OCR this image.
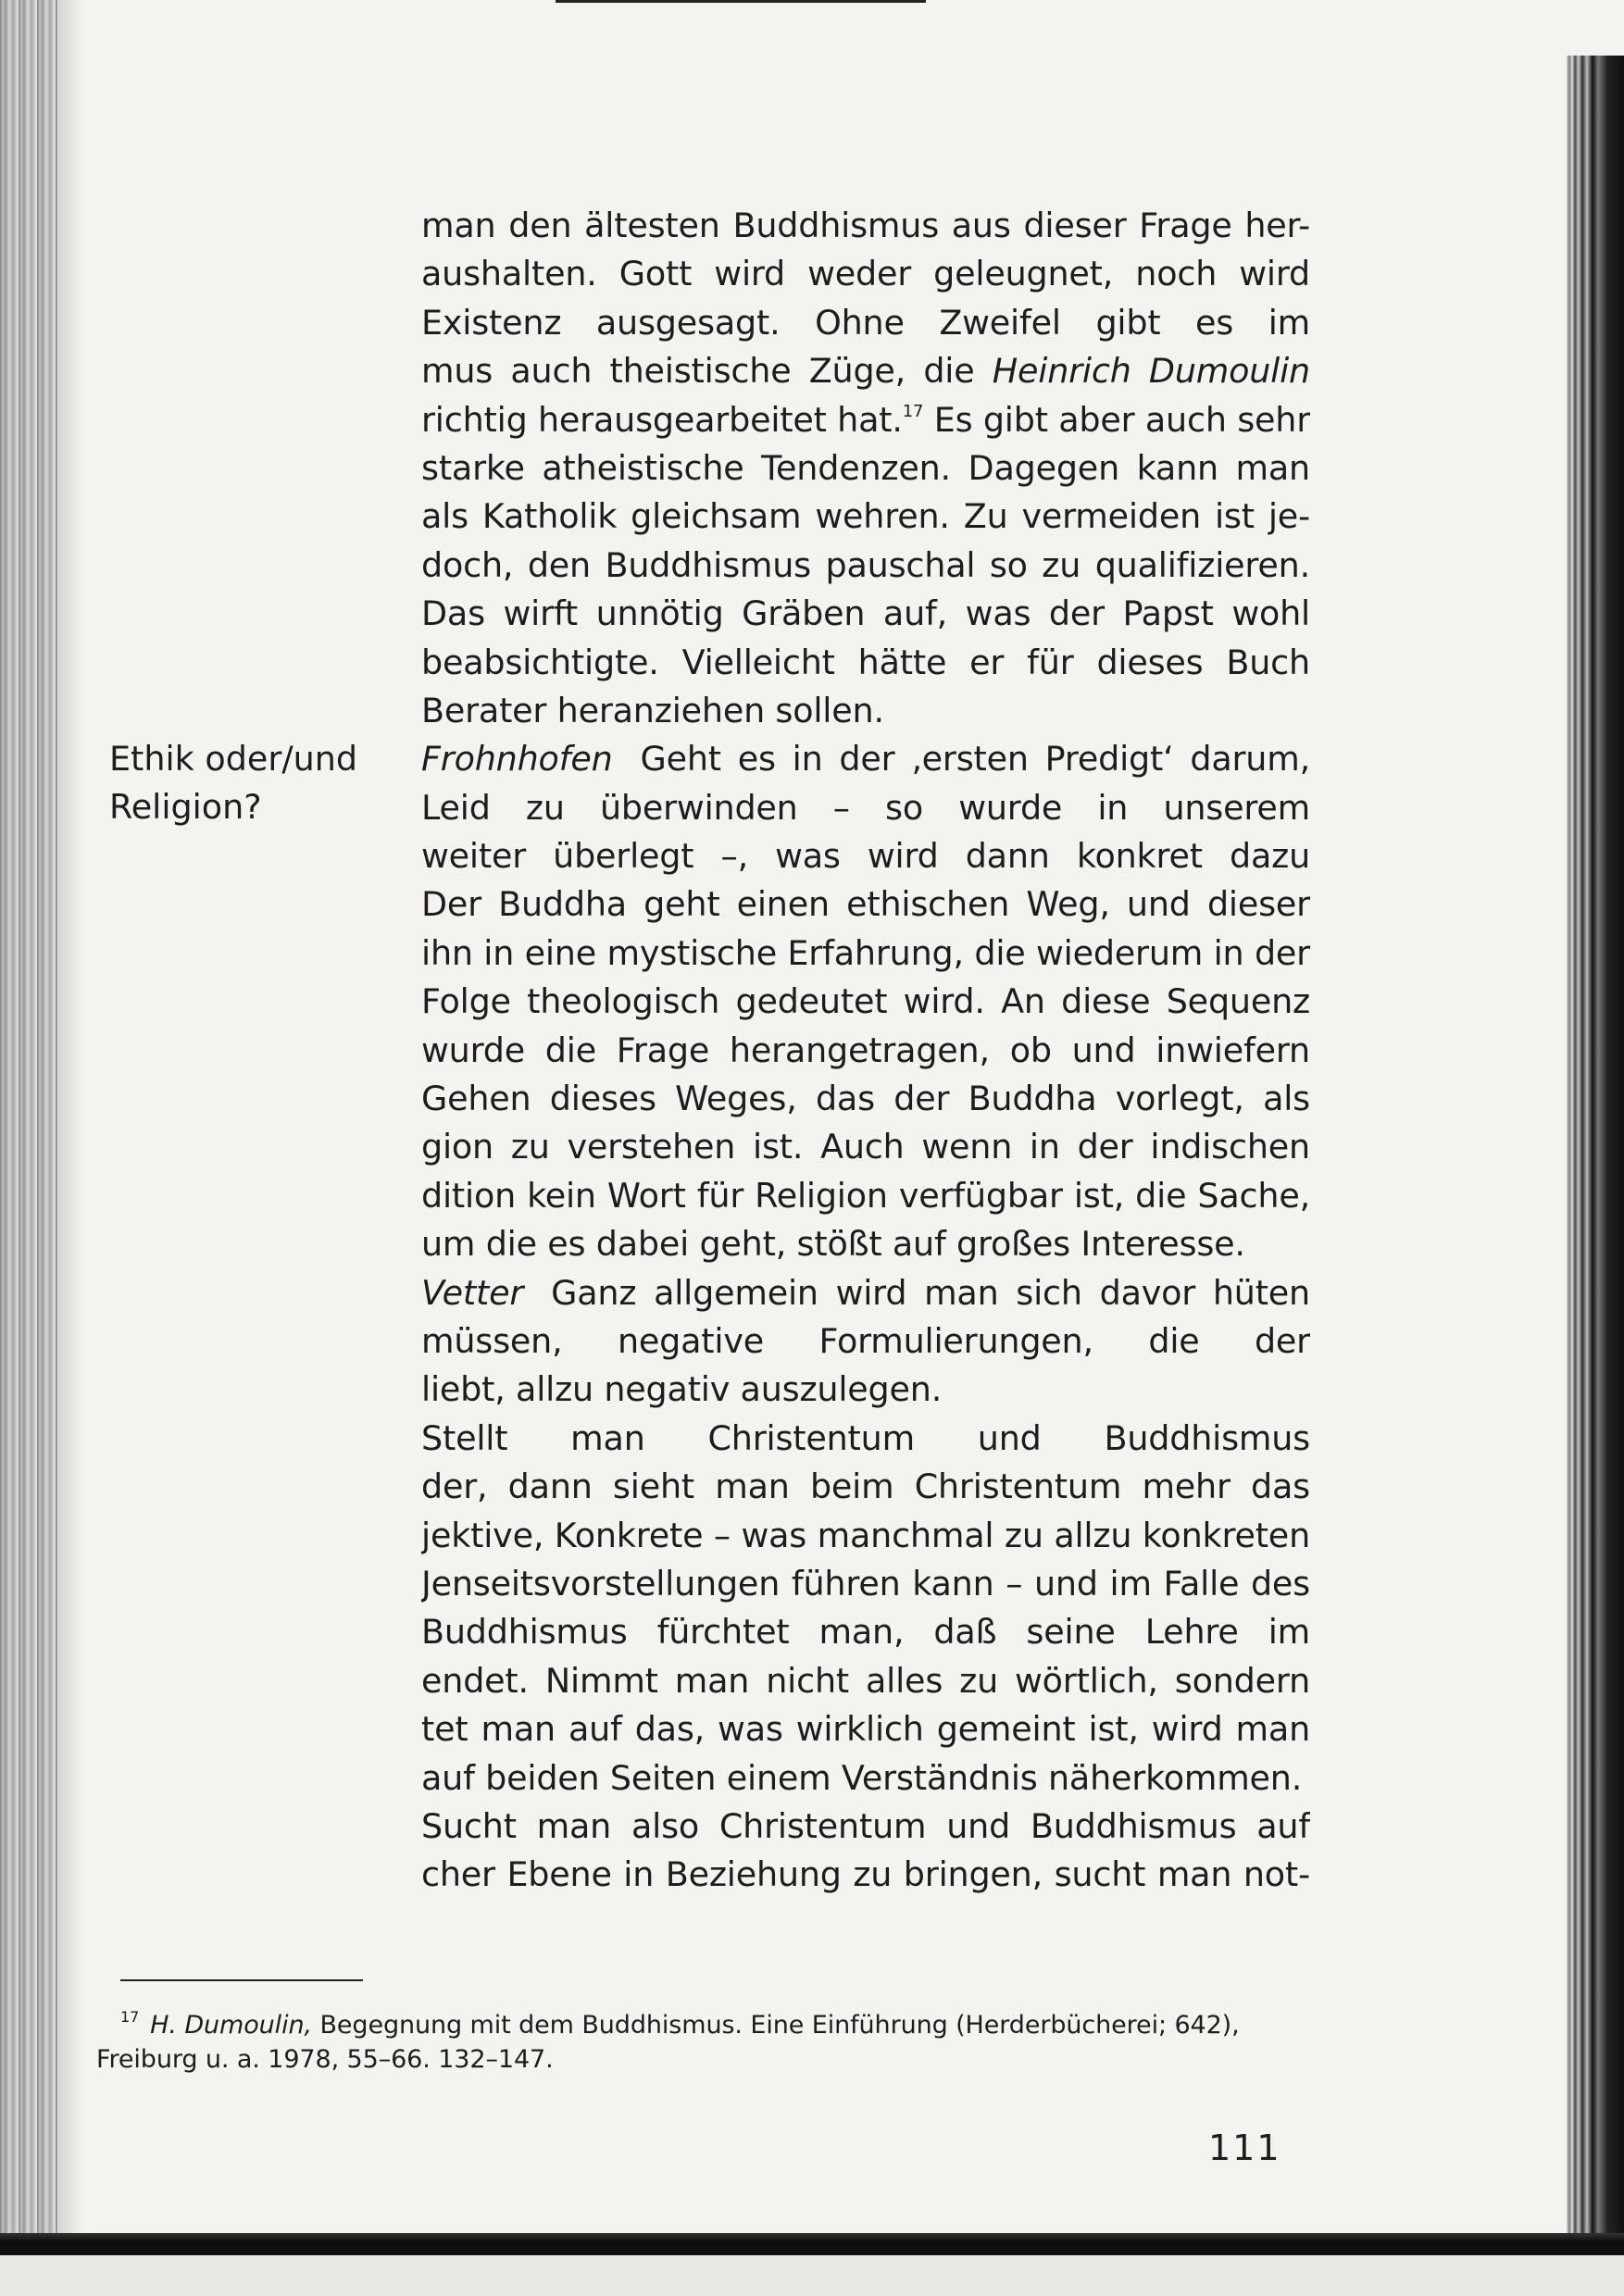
man den ältesten Buddhismus aus dieser Frage her-
aushalten. Gott wird weder geleugnet, noch wird
Existenz ausgesagt. Ohne Zweifel gibt es im
mus auch theistische Züge, die Heinrich Dumoulin
richtig herausgearbeitet hat.$^{17}$ Es gibt aber auch sehr
starke atheistische Tendenzen. Dagegen kann man
als Katholik gleichsam wehren. Zu vermeiden ist je-
doch, den Buddhismus pauschal so zu qualifizieren.
Das wirft unnötig Gräben auf, was der Papst wohl
beabsichtigte. Vielleicht hätte er für dieses Buch
Berater heranziehen sollen.
Frohnhofen Geht es in der ‚ersten Predigt‘ darum,
Leid zu überwinden – so wurde in unserem
weiter überlegt –, was wird dann konkret dazu
Der Buddha geht einen ethischen Weg, und dieser
ihn in eine mystische Erfahrung, die wiederum in der
Folge theologisch gedeutet wird. An diese Sequenz
wurde die Frage herangetragen, ob und inwiefern
Gehen dieses Weges, das der Buddha vorlegt, als
gion zu verstehen ist. Auch wenn in der indischen
dition kein Wort für Religion verfügbar ist, die Sache,
um die es dabei geht, stößt auf großes Interesse.
Vetter Ganz allgemein wird man sich davor hüten
müssen, negative Formulierungen, die der
liebt, allzu negativ auszulegen.
Stellt man Christentum und Buddhismus
der, dann sieht man beim Christentum mehr das
jektive, Konkrete – was manchmal zu allzu konkreten
Jenseitsvorstellungen führen kann – und im Falle des
Buddhismus fürchtet man, daß seine Lehre im
endet. Nimmt man nicht alles zu wörtlich, sondern
tet man auf das, was wirklich gemeint ist, wird man
auf beiden Seiten einem Verständnis näherkommen.
Sucht man also Christentum und Buddhismus auf
cher Ebene in Beziehung zu bringen, sucht man not-
Ethik oder/und
Religion?
$^{17}$ H. Dumoulin, Begegnung mit dem Buddhismus. Eine Einführung (Herderbücherei; 642),
Freiburg u. a. 1978, 55–66. 132–147.
111
